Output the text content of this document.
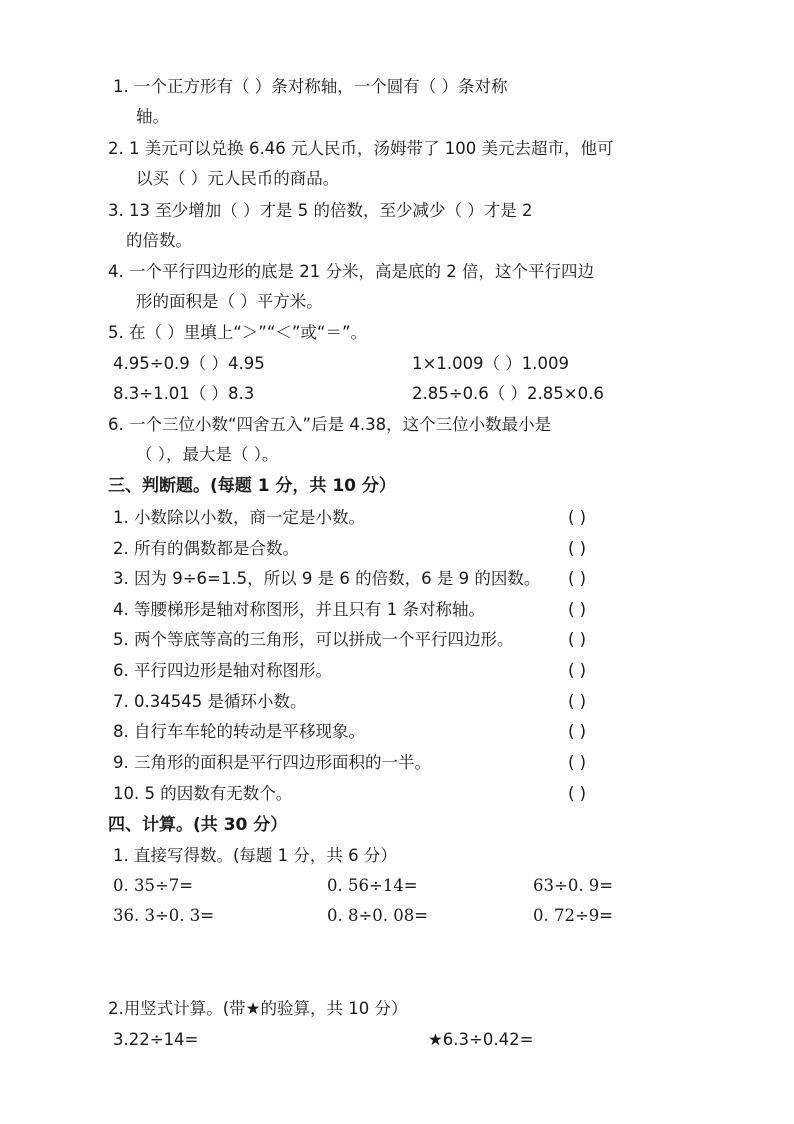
1. 一个正方形有（ ）条对称轴，一个圆有（ ）条对称
轴。
2. 1 美元可以兑换 6.46 元人民币，汤姆带了 100 美元去超市，他可
以买（ ）元人民币的商品。
3. 13 至少增加（ ）才是 5 的倍数，至少减少（ ）才是 2
的倍数。
4. 一个平行四边形的底是 21 分米，高是底的 2 倍，这个平行四边
形的面积是（ ）平方米。
5. 在（ ）里填上“＞”“＜”或“＝”。
4.95÷0.9（ ）4.95	1×1.009（ ）1.009
8.3÷1.01（ ）8.3	2.85÷0.6（ ）2.85×0.6
6. 一个三位小数“四舍五入”后是 4.38，这个三位小数最小是
（ ），最大是（ ）。
三、判断题。(每题 1 分，共 10 分）
1. 小数除以小数，商一定是小数。	( )
2. 所有的偶数都是合数。	( )
3. 因为 9÷6=1.5，所以 9 是 6 的倍数，6 是 9 的因数。 ( )
4. 等腰梯形是轴对称图形，并且只有 1 条对称轴。	( )
5. 两个等底等高的三角形，可以拼成一个平行四边形。	( )
6. 平行四边形是轴对称图形。	( )
7. 0.34545 是循环小数。	( )
8. 自行车车轮的转动是平移现象。	( )
9. 三角形的面积是平行四边形面积的一半。	( )
10. 5 的因数有无数个。	( )
四、计算。(共 30 分）
1. 直接写得数。(每题 1 分，共 6 分）
0. 35÷7=	0. 56÷14=	63÷0. 9=
36. 3÷0. 3=	0. 8÷0. 08=	0. 72÷9=
2.用竖式计算。(带★的验算，共 10 分）
3.22÷14=	★6.3÷0.42=
